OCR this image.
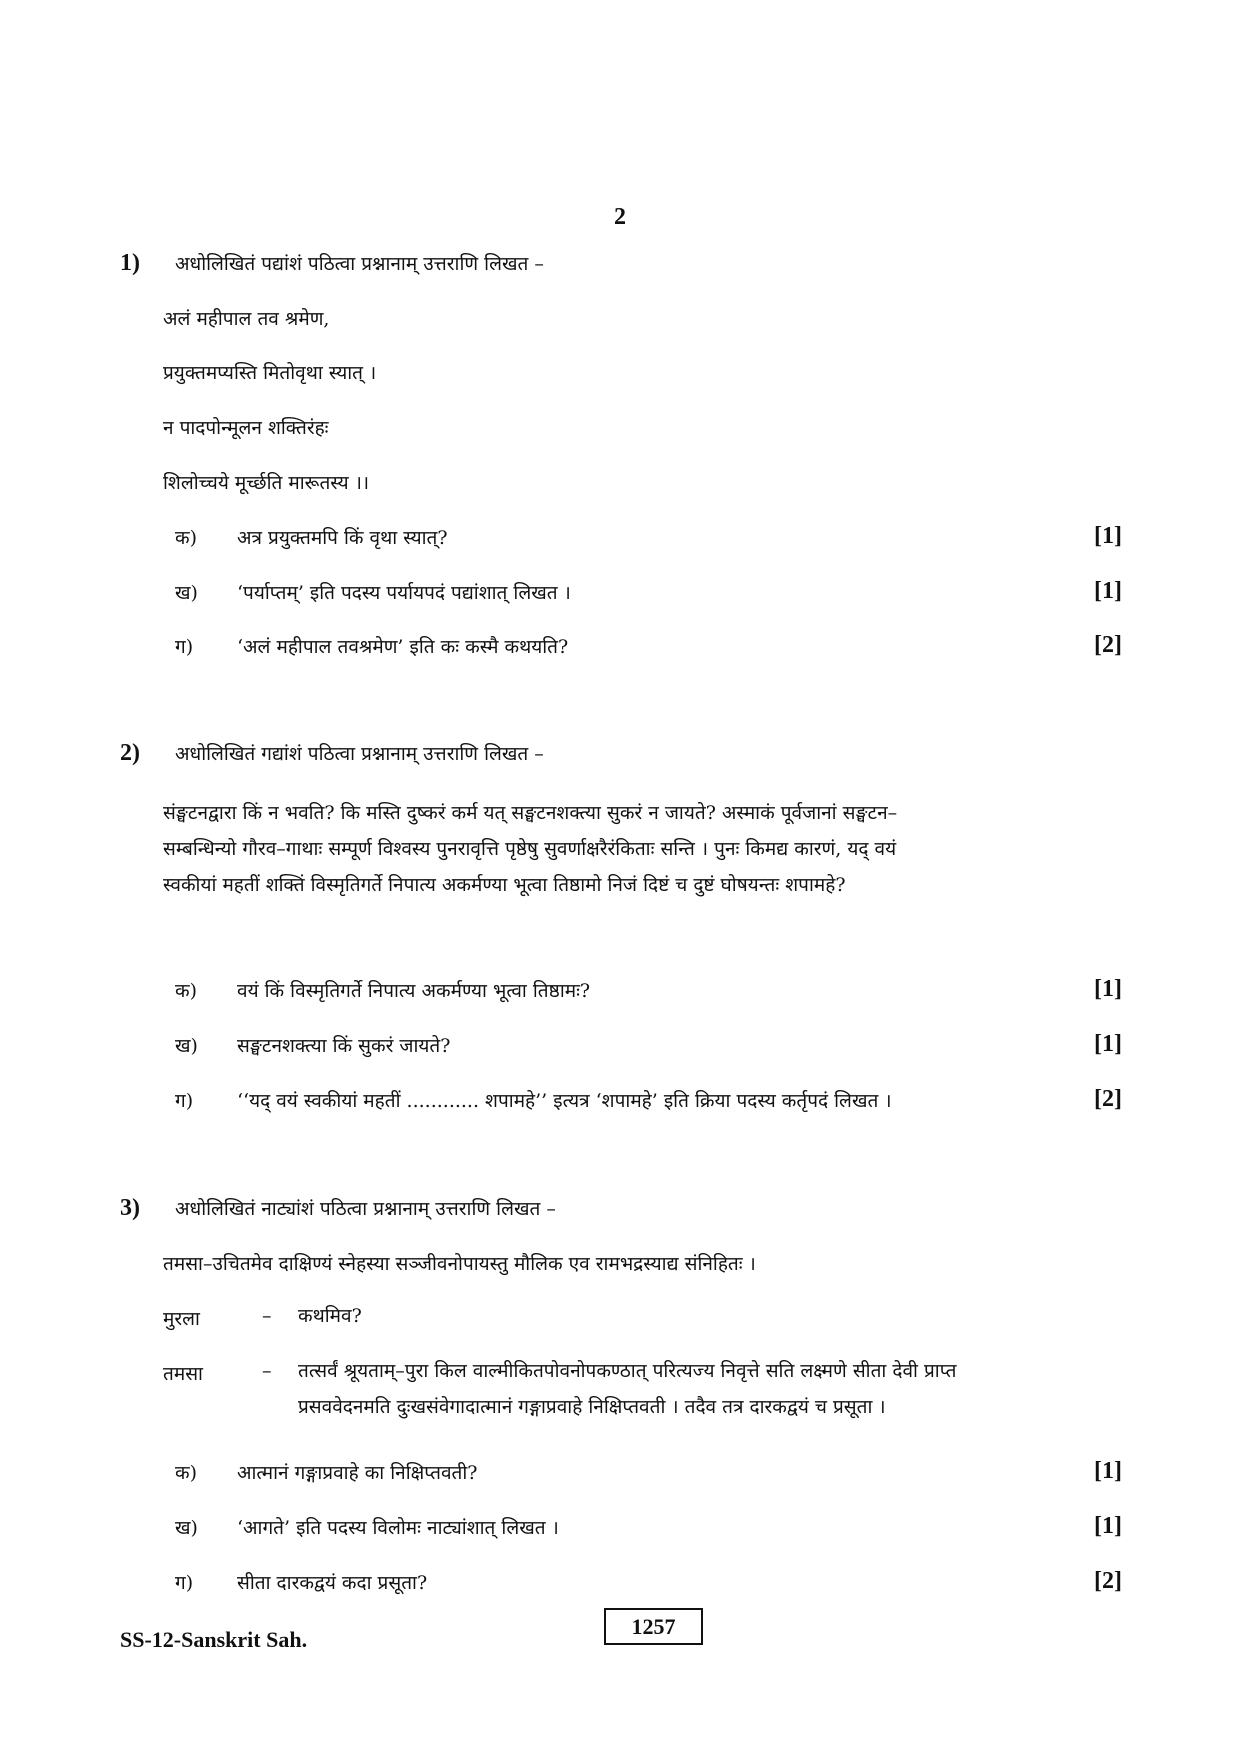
2
1) अधोलिखितं पद्यांशं पठित्वा प्रश्नानाम् उत्तराणि लिखत –
अलं महीपाल तव श्रमेण,
प्रयुक्तमप्यस्ति मितोवृथा स्यात् ।
न पादपोन्मूलन शक्तिरंहः
शिलोच्चये मूर्च्छति मारूतस्य ।।
क) अत्र प्रयुक्तमपि किं वृथा स्यात्?	[1]
ख) ‘पर्याप्तम्’ इति पदस्य पर्यायपदं पद्यांशात् लिखत ।	[1]
ग) ‘अलं महीपाल तवश्रमेण’ इति कः कस्मै कथयति?	[2]
2) अधोलिखितं गद्यांशं पठित्वा प्रश्नानाम् उत्तराणि लिखत –
संङ्घटनद्वारा किं न भवति? कि मस्ति दुष्करं कर्म यत् सङ्घटनशक्त्या सुकरं न जायते? अस्माकं पूर्वजानां सङ्घटन–
सम्बन्धिन्यो गौरव–गाथाः सम्पूर्ण विश्वस्य पुनरावृत्ति पृष्ठेषु सुवर्णाक्षरैरंकिताः सन्ति । पुनः किमद्य कारणं, यद् वयं
स्वकीयां महतीं शक्तिं विस्मृतिगर्ते निपात्य अकर्मण्या भूत्वा तिष्ठामो निजं दिष्टं च दुष्टं घोषयन्तः शपामहे?
क) वयं किं विस्मृतिगर्ते निपात्य अकर्मण्या भूत्वा तिष्ठामः?	[1]
ख) सङ्घटनशक्त्या किं सुकरं जायते?	[1]
ग) ‘‘यद् वयं स्वकीयां महतीं ............ शपामहे’’ इत्यत्र ‘शपामहे’ इति क्रिया पदस्य कर्तृपदं लिखत ।	[2]
3) अधोलिखितं नाट्यांशं पठित्वा प्रश्नानाम् उत्तराणि लिखत –
तमसा–उचितमेव दाक्षिण्यं स्नेहस्या सञ्जीवनोपायस्तु मौलिक एव रामभद्रस्याद्य संनिहितः ।
मुरला	– कथमिव?
तमसा	– तत्सर्वं श्रूयताम्–पुरा किल वाल्मीकितपोवनोपकण्ठात् परित्यज्य निवृत्ते सति लक्ष्मणे सीता देवी प्राप्त
प्रसववेदनमति दुःखसंवेगादात्मानं गङ्गाप्रवाहे निक्षिप्तवती । तदैव तत्र दारकद्वयं च प्रसूता ।
क) आत्मानं गङ्गाप्रवाहे का निक्षिप्तवती?	[1]
ख) ‘आगते’ इति पदस्य विलोमः नाट्यांशात् लिखत ।	[1]
ग) सीता दारकद्वयं कदा प्रसूता?	[2]
SS-12-Sanskrit Sah.
1257
